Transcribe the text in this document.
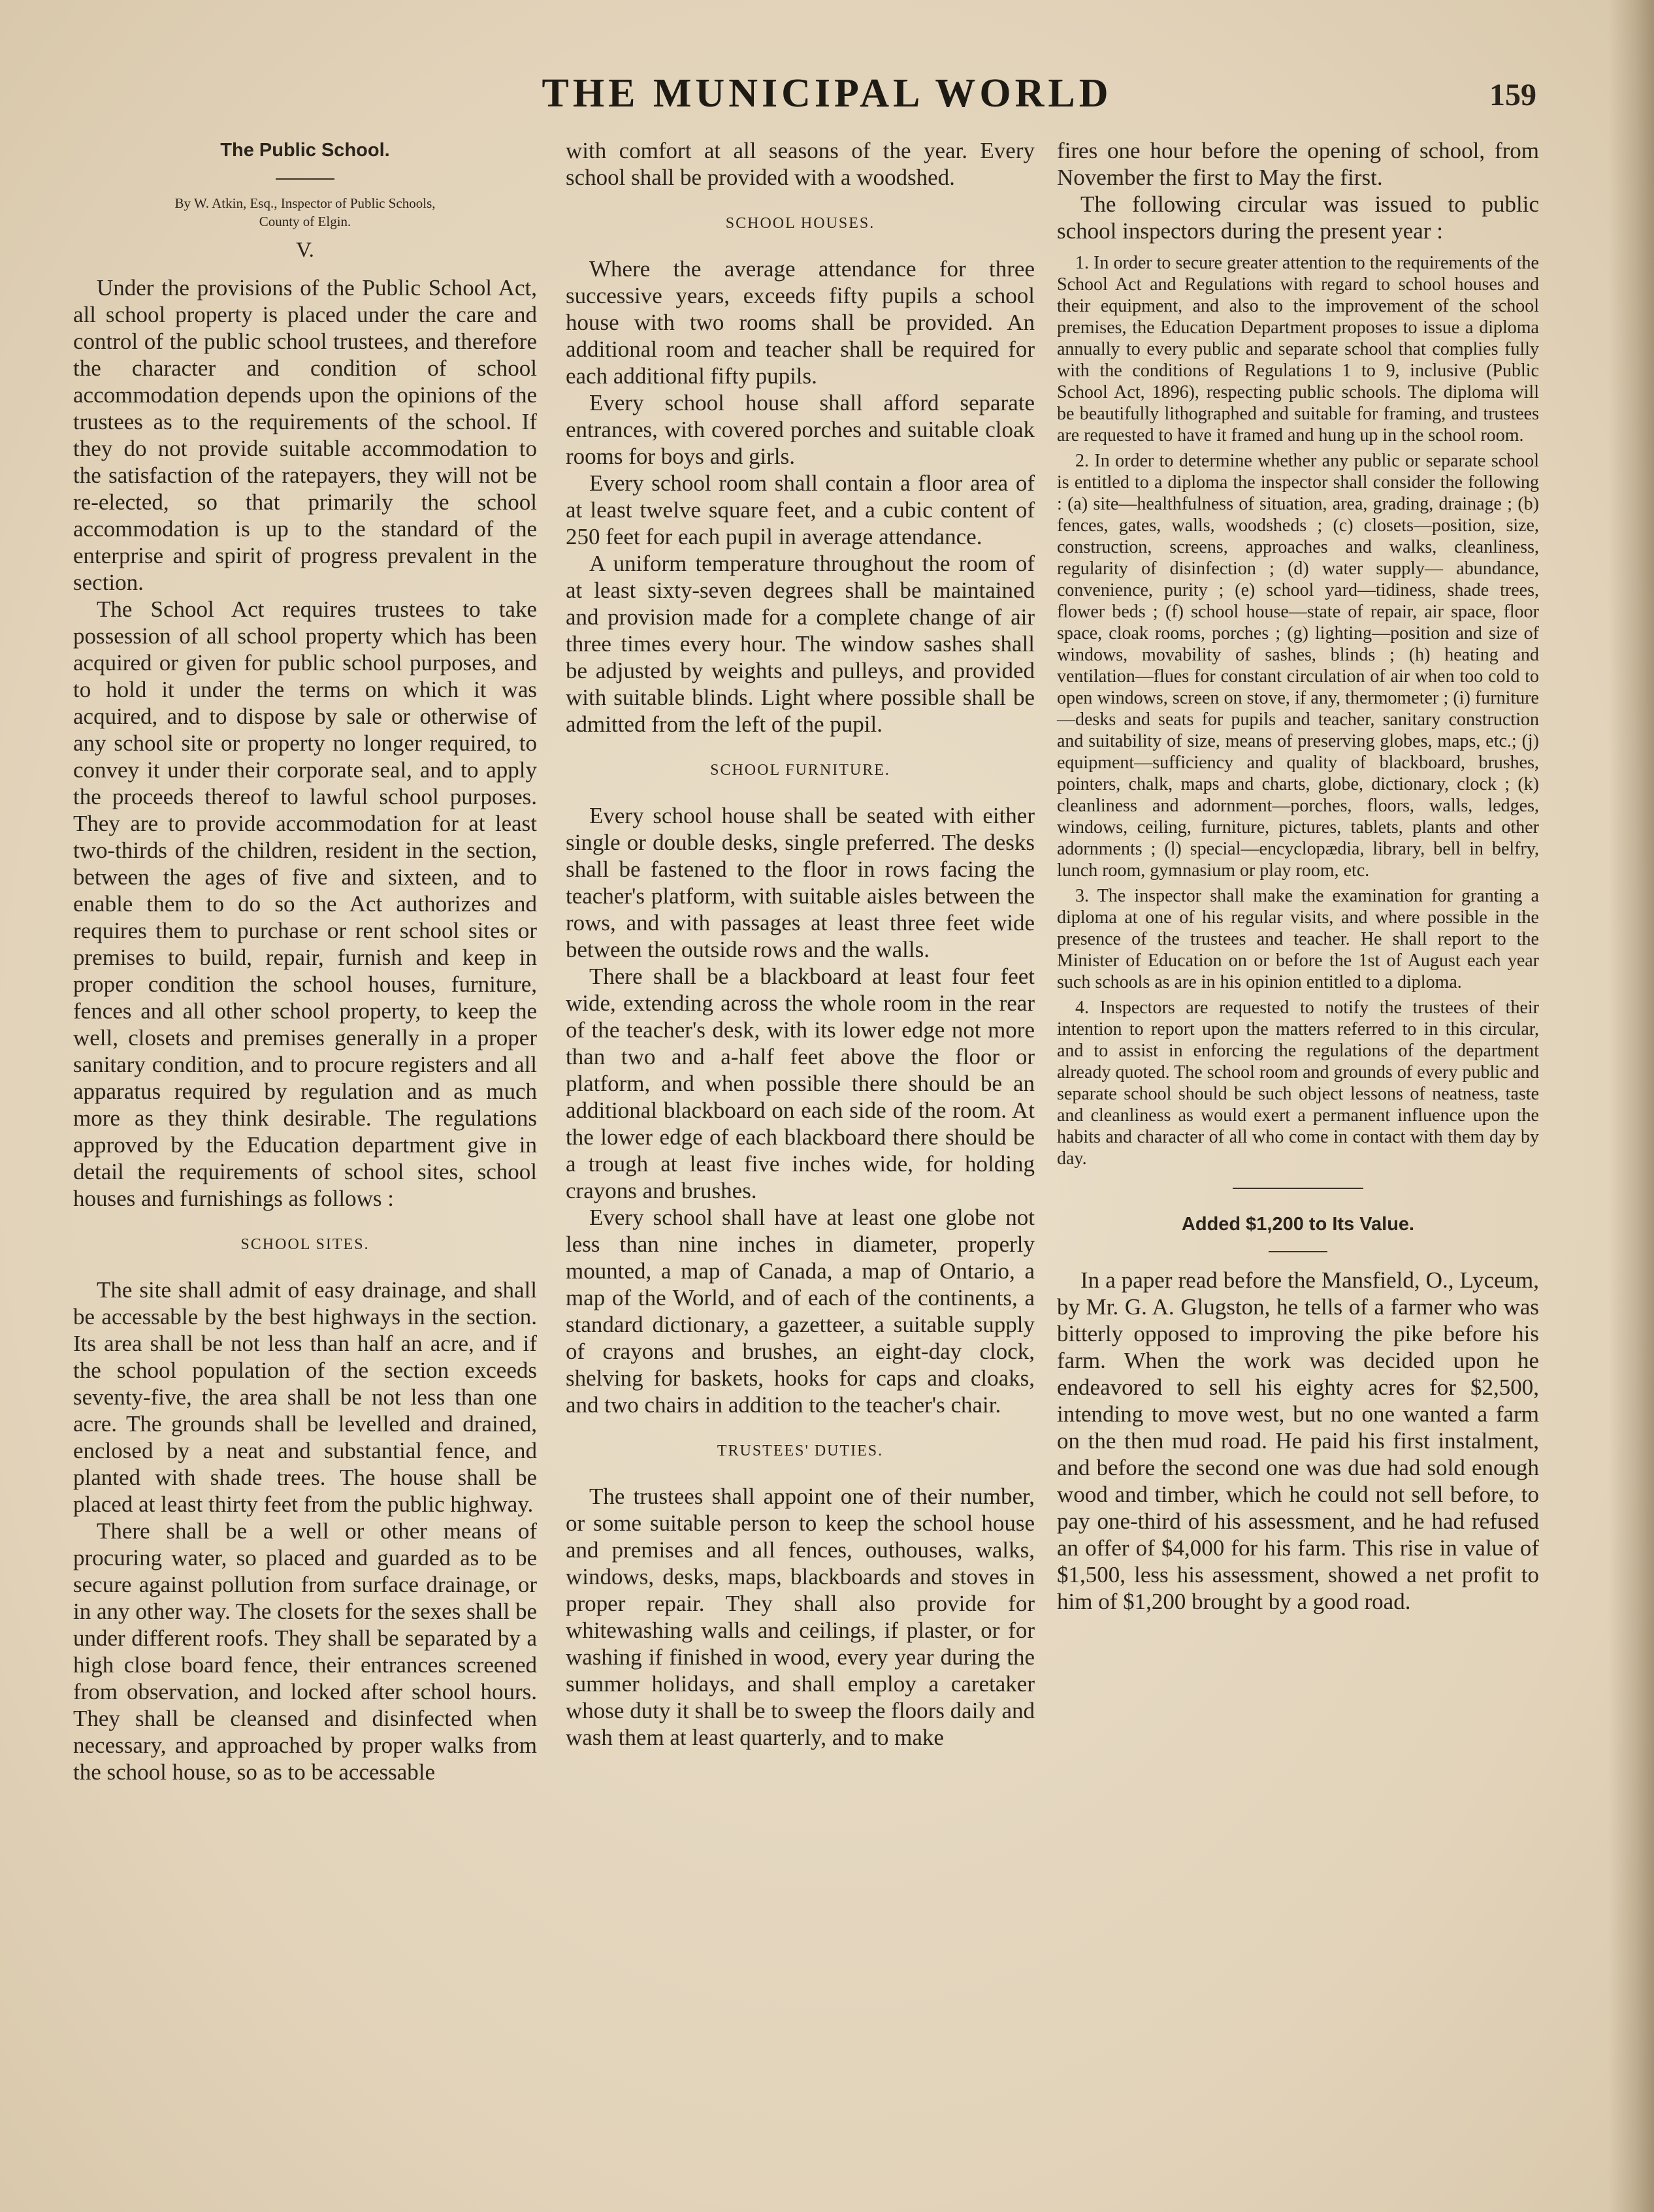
THE MUNICIPAL WORLD	159
The Public School.
By W. Atkin, Esq., Inspector of Public Schools,
County of Elgin.
V.

Under the provisions of the Public School Act, all school property is placed under the care and control of the public school trustees, and therefore the character and condition of school accommodation depends upon the opinions of the trustees as to the requirements of the school. If they do not provide suitable accommodation to the satisfaction of the ratepayers, they will not be re-elected, so that primarily the school accommodation is up to the standard of the enterprise and spirit of progress prevalent in the section.

The School Act requires trustees to take possession of all school property which has been acquired or given for public school purposes, and to hold it under the terms on which it was acquired, and to dispose by sale or otherwise of any school site or property no longer required, to convey it under their corporate seal, and to apply the proceeds thereof to lawful school purposes. They are to provide accommodation for at least two-thirds of the children, resident in the section, between the ages of five and sixteen, and to enable them to do so the Act authorizes and requires them to purchase or rent school sites or premises to build, repair, furnish and keep in proper condition the school houses, furniture, fences and all other school property, to keep the well, closets and premises generally in a proper sanitary condition, and to procure registers and all apparatus required by regulation and as much more as they think desirable. The regulations approved by the Education department give in detail the requirements of school sites, school houses and furnishings as follows :

SCHOOL SITES.

The site shall admit of easy drainage, and shall be accessable by the best highways in the section. Its area shall be not less than half an acre, and if the school population of the section exceeds seventy-five, the area shall be not less than one acre. The grounds shall be levelled and drained, enclosed by a neat and substantial fence, and planted with shade trees. The house shall be placed at least thirty feet from the public highway.

There shall be a well or other means of procuring water, so placed and guarded as to be secure against pollution from surface drainage, or in any other way. The closets for the sexes shall be under different roofs. They shall be separated by a high close board fence, their entrances screened from observation, and locked after school hours. They shall be cleansed and disinfected when necessary, and approached by proper walks from the school house, so as to be accessable

with comfort at all seasons of the year. Every school shall be provided with a woodshed.

SCHOOL HOUSES.

Where the average attendance for three successive years, exceeds fifty pupils a school house with two rooms shall be provided. An additional room and teacher shall be required for each additional fifty pupils.

Every school house shall afford separate entrances, with covered porches and suitable cloak rooms for boys and girls.

Every school room shall contain a floor area of at least twelve square feet, and a cubic content of 250 feet for each pupil in average attendance.

A uniform temperature throughout the room of at least sixty-seven degrees shall be maintained and provision made for a complete change of air three times every hour. The window sashes shall be adjusted by weights and pulleys, and provided with suitable blinds. Light where possible shall be admitted from the left of the pupil.

SCHOOL FURNITURE.

Every school house shall be seated with either single or double desks, single preferred. The desks shall be fastened to the floor in rows facing the teacher's platform, with suitable aisles between the rows, and with passages at least three feet wide between the outside rows and the walls.

There shall be a blackboard at least four feet wide, extending across the whole room in the rear of the teacher's desk, with its lower edge not more than two and a-half feet above the floor or platform, and when possible there should be an additional blackboard on each side of the room. At the lower edge of each blackboard there should be a trough at least five inches wide, for holding crayons and brushes.

Every school shall have at least one globe not less than nine inches in diameter, properly mounted, a map of Canada, a map of Ontario, a map of the World, and of each of the continents, a standard dictionary, a gazetteer, a suitable supply of crayons and brushes, an eight-day clock, shelving for baskets, hooks for caps and cloaks, and two chairs in addition to the teacher's chair.

TRUSTEES' DUTIES.

The trustees shall appoint one of their number, or some suitable person to keep the school house and premises and all fences, outhouses, walks, windows, desks, maps, blackboards and stoves in proper repair. They shall also provide for whitewashing walls and ceilings, if plaster, or for washing if finished in wood, every year during the summer holidays, and shall employ a caretaker whose duty it shall be to sweep the floors daily and wash them at least quarterly, and to make

fires one hour before the opening of school, from November the first to May the first.

The following circular was issued to public school inspectors during the present year :

1. In order to secure greater attention to the requirements of the School Act and Regulations with regard to school houses and their equipment, and also to the improvement of the school premises, the Education Department proposes to issue a diploma annually to every public and separate school that complies fully with the conditions of Regulations 1 to 9, inclusive (Public School Act, 1896), respecting public schools. The diploma will be beautifully lithographed and suitable for framing, and trustees are requested to have it framed and hung up in the school room.

2. In order to determine whether any public or separate school is entitled to a diploma the inspector shall consider the following : (a) site—healthfulness of situation, area, grading, drainage ; (b) fences, gates, walls, woodsheds ; (c) closets—position, size, construction, screens, approaches and walks, cleanliness, regularity of disinfection ; (d) water supply— abundance, convenience, purity ; (e) school yard—tidiness, shade trees, flower beds ; (f) school house—state of repair, air space, floor space, cloak rooms, porches ; (g) lighting—position and size of windows, movability of sashes, blinds ; (h) heating and ventilation—flues for constant circulation of air when too cold to open windows, screen on stove, if any, thermometer ; (i) furniture—desks and seats for pupils and teacher, sanitary construction and suitability of size, means of preserving globes, maps, etc.; (j) equipment—sufficiency and quality of blackboard, brushes, pointers, chalk, maps and charts, globe, dictionary, clock ; (k) cleanliness and adornment—porches, floors, walls, ledges, windows, ceiling, furniture, pictures, tablets, plants and other adornments ; (l) special—encyclopædia, library, bell in belfry, lunch room, gymnasium or play room, etc.

3. The inspector shall make the examination for granting a diploma at one of his regular visits, and where possible in the presence of the trustees and teacher. He shall report to the Minister of Education on or before the 1st of August each year such schools as are in his opinion entitled to a diploma.

4. Inspectors are requested to notify the trustees of their intention to report upon the matters referred to in this circular, and to assist in enforcing the regulations of the department already quoted. The school room and grounds of every public and separate school should be such object lessons of neatness, taste and cleanliness as would exert a permanent influence upon the habits and character of all who come in contact with them day by day.

Added $1,200 to Its Value.

In a paper read before the Mansfield, O., Lyceum, by Mr. G. A. Glugston, he tells of a farmer who was bitterly opposed to improving the pike before his farm. When the work was decided upon he endeavored to sell his eighty acres for $2,500, intending to move west, but no one wanted a farm on the then mud road. He paid his first instalment, and before the second one was due had sold enough wood and timber, which he could not sell before, to pay one-third of his assessment, and he had refused an offer of $4,000 for his farm. This rise in value of $1,500, less his assessment, showed a net profit to him of $1,200 brought by a good road.
